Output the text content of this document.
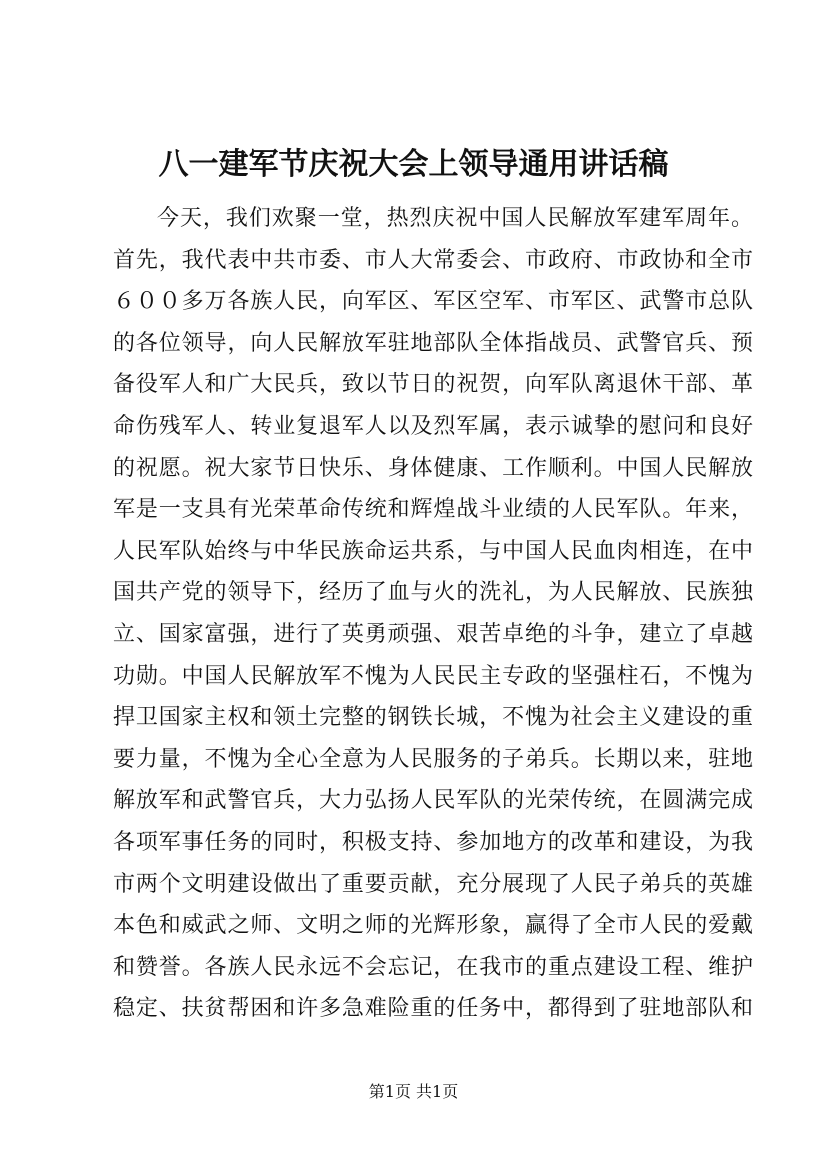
八一建军节庆祝大会上领导通用讲话稿
今天，我们欢聚一堂，热烈庆祝中国人民解放军建军周年。
首先，我代表中共市委、市人大常委会、市政府、市政协和全市
６００多万各族人民，向军区、军区空军、市军区、武警市总队
的各位领导，向人民解放军驻地部队全体指战员、武警官兵、预
备役军人和广大民兵，致以节日的祝贺，向军队离退休干部、革
命伤残军人、转业复退军人以及烈军属，表示诚挚的慰问和良好
的祝愿。祝大家节日快乐、身体健康、工作顺利。中国人民解放
军是一支具有光荣革命传统和辉煌战斗业绩的人民军队。年来，
人民军队始终与中华民族命运共系，与中国人民血肉相连，在中
国共产党的领导下，经历了血与火的洗礼，为人民解放、民族独
立、国家富强，进行了英勇顽强、艰苦卓绝的斗争，建立了卓越
功勋。中国人民解放军不愧为人民民主专政的坚强柱石，不愧为
捍卫国家主权和领土完整的钢铁长城，不愧为社会主义建设的重
要力量，不愧为全心全意为人民服务的子弟兵。长期以来，驻地
解放军和武警官兵，大力弘扬人民军队的光荣传统，在圆满完成
各项军事任务的同时，积极支持、参加地方的改革和建设，为我
市两个文明建设做出了重要贡献，充分展现了人民子弟兵的英雄
本色和威武之师、文明之师的光辉形象，赢得了全市人民的爱戴
和赞誉。各族人民永远不会忘记，在我市的重点建设工程、维护
稳定、扶贫帮困和许多急难险重的任务中，都得到了驻地部队和
第1页 共1页
